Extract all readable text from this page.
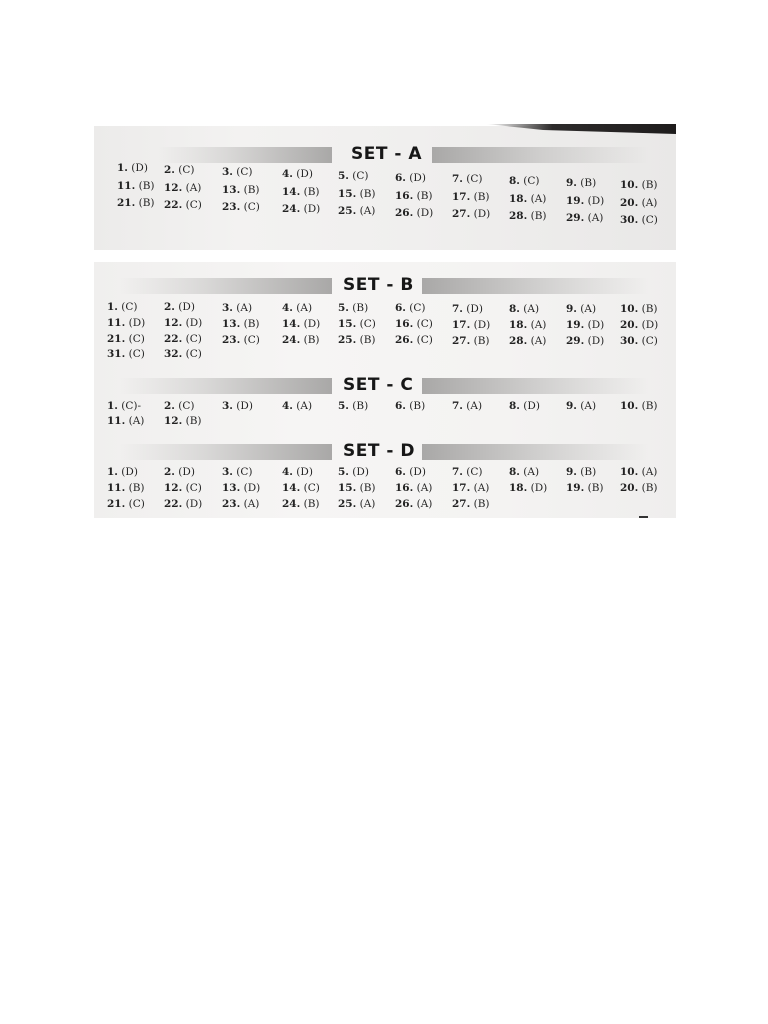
SET - A
1. (D) 2. (C)	3. (C)	4. (D) 5. (C)	6. (D) 7. (C)	8. (C)	9. (B) 10. (B)
11. (B) 12. (A) 13. (B) 14. (B) 15. (B) 16. (B) 17. (B) 18. (A) 19. (D) 20. (A)
21. (B) 22. (C) 23. (C) 24. (D) 25. (A) 26. (D) 27. (D) 28. (B) 29. (A) 30. (C)
SET - B
1. (C)	2. (D)	3. (A)	4. (A) 5. (B)	6. (C)	7. (D) 8. (A)	9. (A) 10. (B)
11. (D) 12. (D) 13. (B) 14. (D) 15. (C) 16. (C) 17. (D) 18. (A) 19. (D) 20. (D)
21. (C) 22. (C) 23. (C) 24. (B) 25. (B) 26. (C) 27. (B) 28. (A) 29. (D) 30. (C)
31. (C) 32. (C)
SET - C
1. (C)- 2. (C)	3. (D)	4. (A) 5. (B)	6. (B)	7. (A)	8. (D) 9. (A) 10. (B)
11. (A) 12. (B)
SET - D
1. (D) 2. (D)	3. (C)	4. (D) 5. (D) 6. (D) 7. (C)	8. (A)	9. (B) 10. (A)
11. (B) 12. (C) 13. (D) 14. (C) 15. (B) 16. (A) 17. (A) 18. (D) 19. (B) 20. (B)
21. (C) 22. (D) 23. (A) 24. (B) 25. (A) 26. (A) 27. (B)
